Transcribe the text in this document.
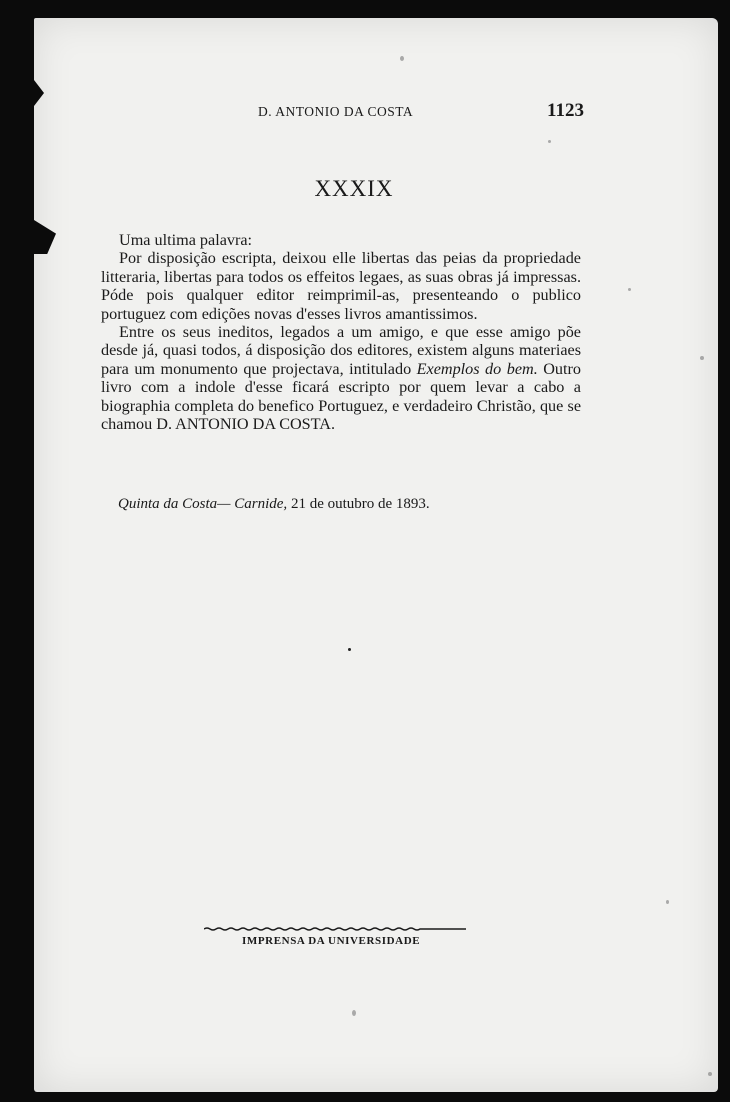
D. ANTONIO DA COSTA	1123
XXXIX

Uma ultima palavra:

Por disposição escripta, deixou elle libertas das peias da propriedade litteraria, libertas para todos os effeitos legaes, as suas obras já impressas. Póde pois qualquer editor reimprimil-as, presenteando o publico portuguez com edições novas d'esses livros amantissimos.

Entre os seus ineditos, legados a um amigo, e que esse amigo põe desde já, quasi todos, á disposição dos editores, existem alguns materiaes para um monumento que projectava, intitulado Exemplos do bem. Outro livro com a indole d'esse ficará escripto por quem levar a cabo a biographia completa do benefico Portuguez, e verdadeiro Christão, que se chamou D. ANTONIO DA COSTA.

Quinta da Costa— Carnide, 21 de outubro de 1893.
IMPRENSA DA UNIVERSIDADE
